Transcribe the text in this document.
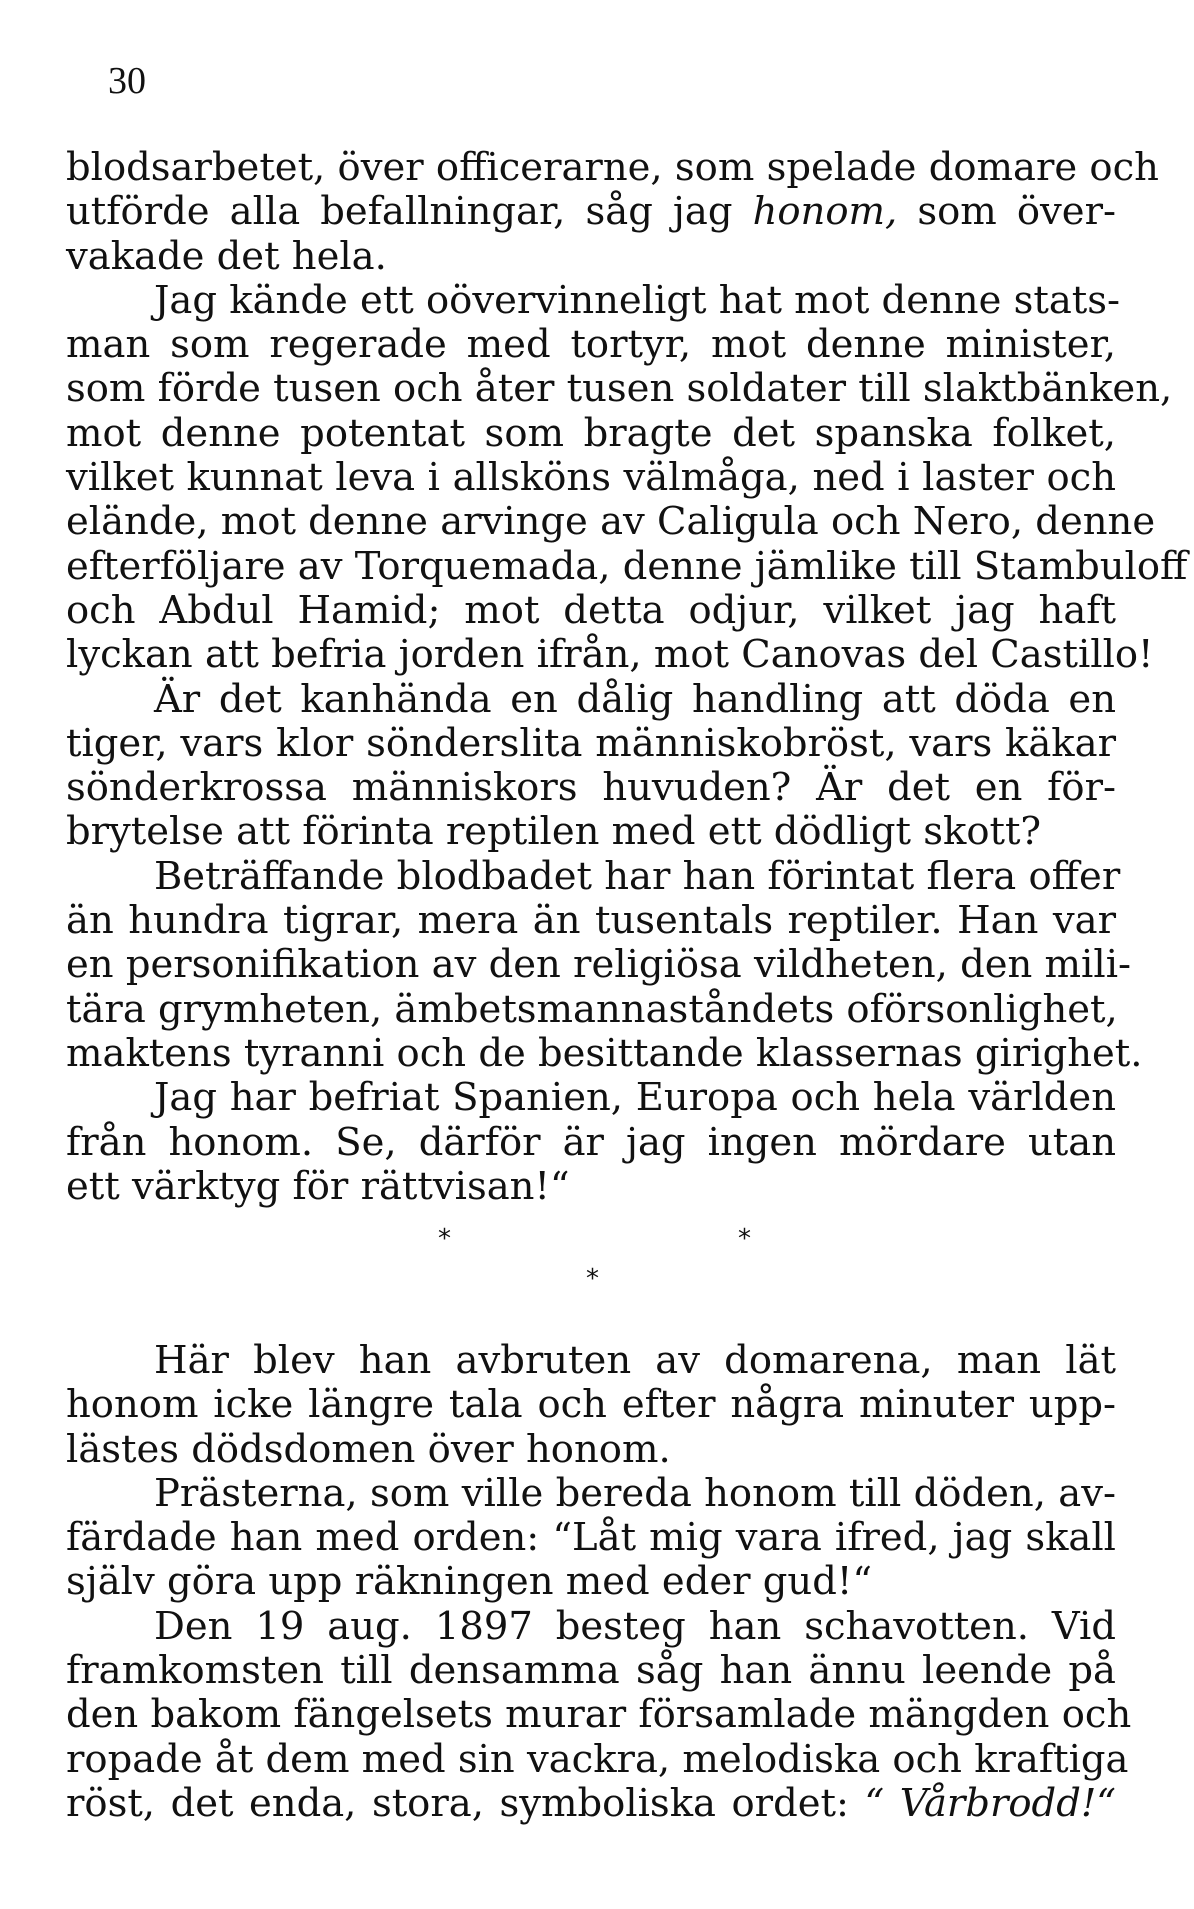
30
blodsarbetet, över officerarne, som spelade domare och
utförde alla befallningar, såg jag honom, som över-
vakade det hela.
Jag kände ett oövervinneligt hat mot denne stats-
man som regerade med tortyr, mot denne minister,
som förde tusen och åter tusen soldater till slaktbänken,
mot denne potentat som bragte det spanska folket,
vilket kunnat leva i allsköns välmåga, ned i laster och
elände, mot denne arvinge av Caligula och Nero, denne
efterföljare av Torquemada, denne jämlike till Stambuloff
och Abdul Hamid; mot detta odjur, vilket jag haft
lyckan att befria jorden ifrån, mot Canovas del Castillo!
Är det kanhända en dålig handling att döda en
tiger, vars klor sönderslita människobröst, vars käkar
sönderkrossa människors huvuden? Är det en för-
brytelse att förinta reptilen med ett dödligt skott?
Beträffande blodbadet har han förintat flera offer
än hundra tigrar, mera än tusentals reptiler. Han var
en personifikation av den religiösa vildheten, den mili-
tära grymheten, ämbetsmannaståndets oförsonlighet,
maktens tyranni och de besittande klassernas girighet.
Jag har befriat Spanien, Europa och hela världen
från honom. Se, därför är jag ingen mördare utan
ett värktyg för rättvisan!“
*	*
*
Här blev han avbruten av domarena, man lät
honom icke längre tala och efter några minuter upp-
lästes dödsdomen över honom.
Prästerna, som ville bereda honom till döden, av-
färdade han med orden: “Låt mig vara ifred, jag skall
själv göra upp räkningen med eder gud!“
Den 19 aug. 1897 besteg han schavotten. Vid
framkomsten till densamma såg han ännu leende på
den bakom fängelsets murar församlade mängden och
ropade åt dem med sin vackra, melodiska och kraftiga
röst, det enda, stora, symboliska ordet: “ Vårbrodd!“
